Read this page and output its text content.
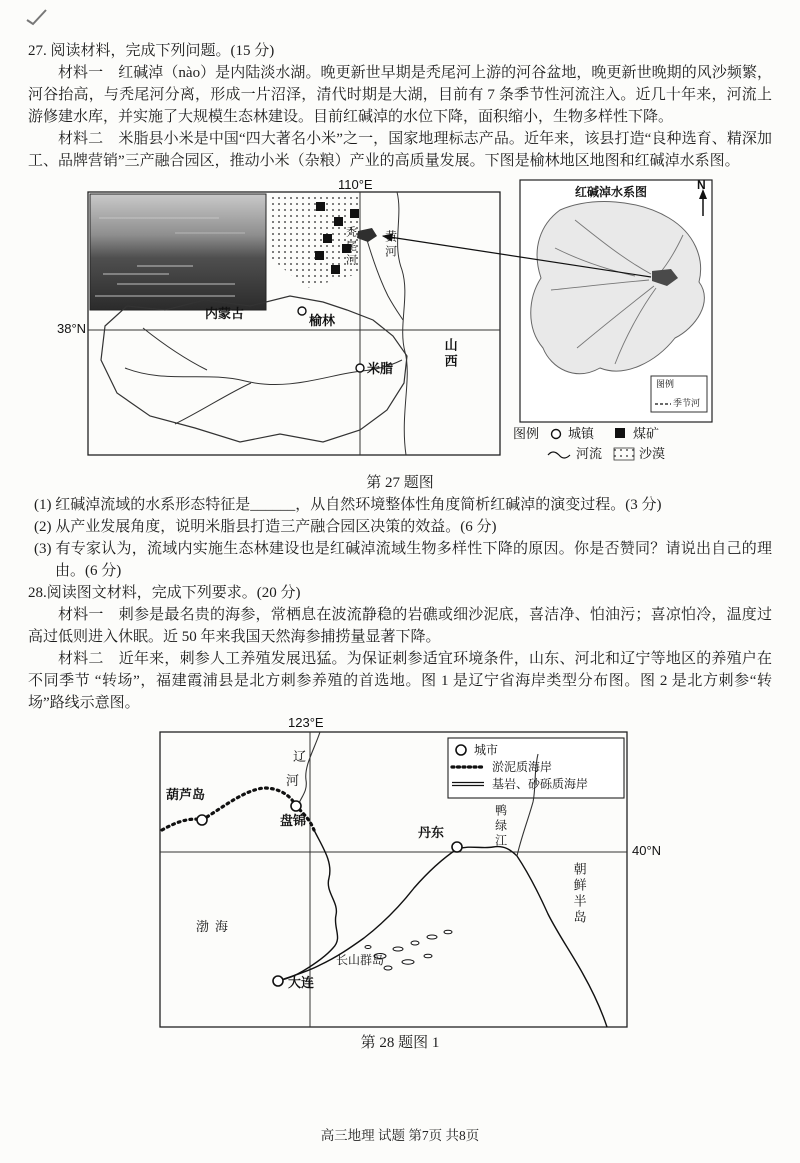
27. 阅读材料，完成下列问题。(15 分)

材料一　红碱淖（nào）是内陆淡水湖。晚更新世早期是秃尾河上游的河谷盆地，晚更新世晚期的风沙频繁，河谷抬高，与秃尾河分离，形成一片沼泽，清代时期是大湖，目前有 7 条季节性河流注入。近几十年来，河流上游修建水库，并实施了大规模生态林建设。目前红碱淖的水位下降，面积缩小，生物多样性下降。

材料二　米脂县小米是中国“四大著名小米”之一，国家地理标志产品。近年来，该县打造“良种选育、精深加工、品牌营销”三产融合园区，推动小米（杂粮）产业的高质量发展。下图是榆林地区地图和红碱淖水系图。

110°E
38°N
内蒙古	榆林
米脂	山西
黄河
秃尾河
红碱淖水系图	N
图例
季节河
图例 城镇	煤矿
河流	沙漠

第 27 题图

(1) 红碱淖流域的水系形态特征是______，从自然环境整体性角度简析红碱淖的演变过程。(3 分)

(2) 从产业发展角度，说明米脂县打造三产融合园区决策的效益。(6 分)

(3) 有专家认为，流域内实施生态林建设也是红碱淖流域生物多样性下降的原因。你是否赞同？请说出自己的理由。(6 分)

28.阅读图文材料，完成下列要求。(20 分)

材料一　刺参是最名贵的海参，常栖息在波流静稳的岩礁或细沙泥底，喜洁净、怕油污；喜凉怕冷，温度过高过低则进入休眠。近 50 年来我国天然海参捕捞量显著下降。

材料二　近年来，刺参人工养殖发展迅猛。为保证刺参适宜环境条件，山东、河北和辽宁等地区的养殖户在不同季节 “转场”，福建霞浦县是北方刺参养殖的首选地。图 1 是辽宁省海岸类型分布图。图 2 是北方刺参“转场”路线示意图。

123°E
40°N
辽
河
葫芦岛
盘锦
丹东	鸭绿江
朝鲜半岛
渤海
长山群岛
大连
城市
淤泥质海岸
基岩、砂砾质海岸

第 28 题图 1

高三地理 试题 第7页 共8页
